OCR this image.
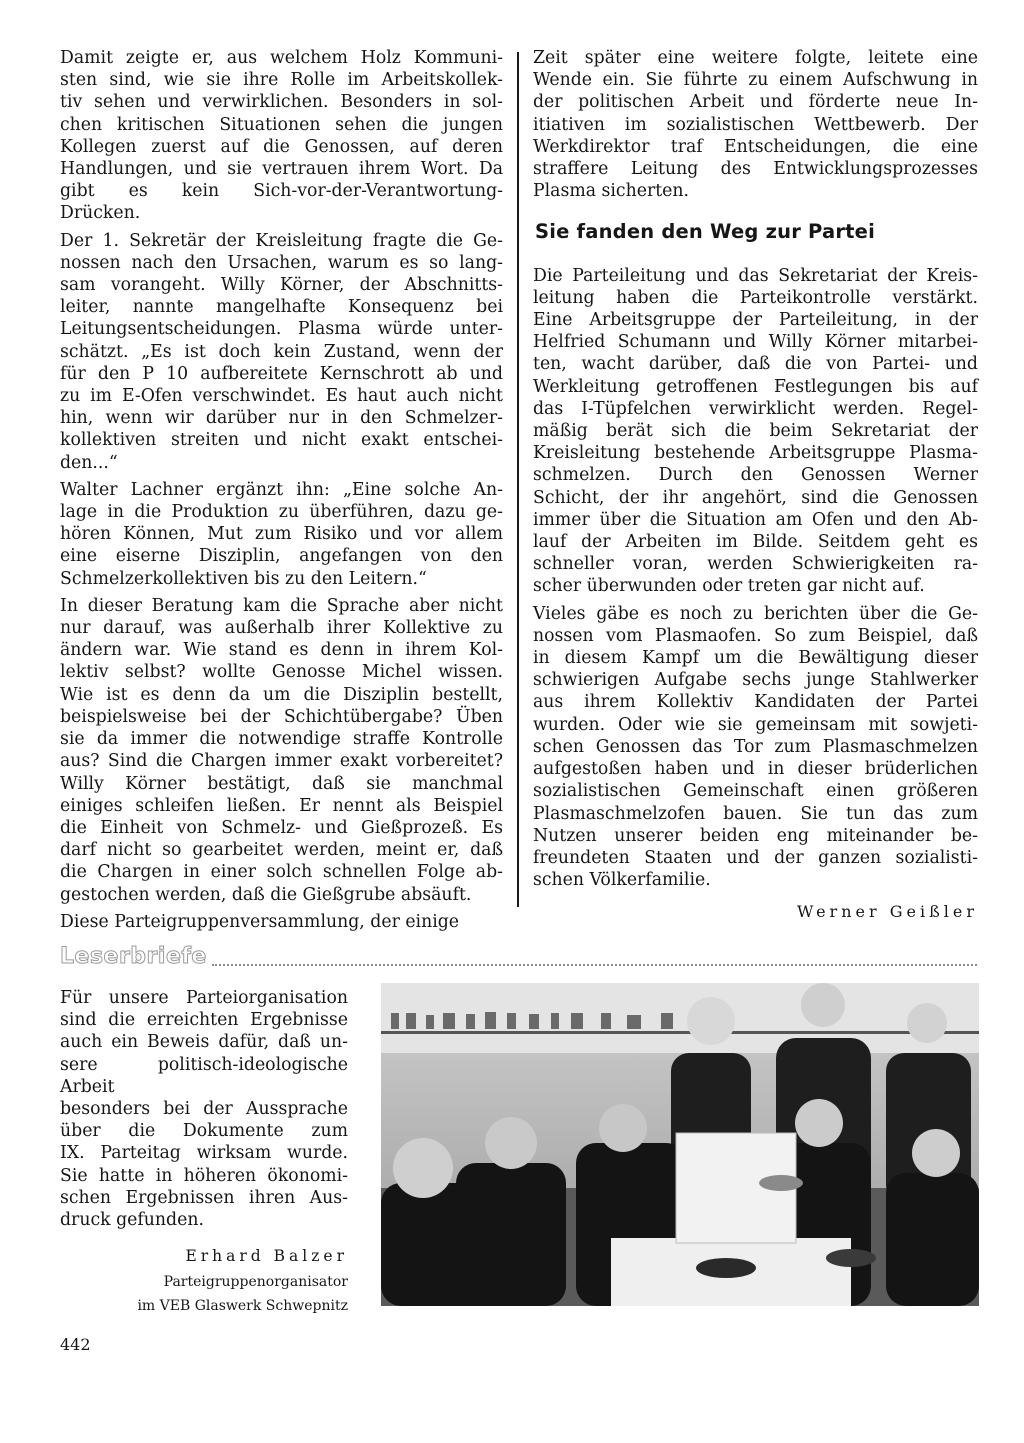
Damit zeigte er, aus welchem Holz Kommuni-
sten sind, wie sie ihre Rolle im Arbeitskollek-
tiv sehen und verwirklichen. Besonders in sol-
chen kritischen Situationen sehen die jungen
Kollegen zuerst auf die Genossen, auf deren
Handlungen, und sie vertrauen ihrem Wort. Da
gibt es kein Sich-vor-der-Verantwortung-
Drücken.

Der 1. Sekretär der Kreisleitung fragte die Ge-
nossen nach den Ursachen, warum es so lang-
sam vorangeht. Willy Körner, der Abschnitts-
leiter, nannte mangelhafte Konsequenz bei
Leitungsentscheidungen. Plasma würde unter-
schätzt. „Es ist doch kein Zustand, wenn der
für den P 10 aufbereitete Kernschrott ab und
zu im E-Ofen verschwindet. Es haut auch nicht
hin, wenn wir darüber nur in den Schmelzer-
kollektiven streiten und nicht exakt entschei-
den...“

Walter Lachner ergänzt ihn: „Eine solche An-
lage in die Produktion zu überführen, dazu ge-
hören Können, Mut zum Risiko und vor allem
eine eiserne Disziplin, angefangen von den
Schmelzerkollektiven bis zu den Leitern.“

In dieser Beratung kam die Sprache aber nicht
nur darauf, was außerhalb ihrer Kollektive zu
ändern war. Wie stand es denn in ihrem Kol-
lektiv selbst? wollte Genosse Michel wissen.
Wie ist es denn da um die Disziplin bestellt,
beispielsweise bei der Schichtübergabe? Üben
sie da immer die notwendige straffe Kontrolle
aus? Sind die Chargen immer exakt vorbereitet?
Willy Körner bestätigt, daß sie manchmal
einiges schleifen ließen. Er nennt als Beispiel
die Einheit von Schmelz- und Gießprozeß. Es
darf nicht so gearbeitet werden, meint er, daß
die Chargen in einer solch schnellen Folge ab-
gestochen werden, daß die Gießgrube absäuft.

Diese Parteigruppenversammlung, der einige

Zeit später eine weitere folgte, leitete eine
Wende ein. Sie führte zu einem Aufschwung in
der politischen Arbeit und förderte neue In-
itiativen im sozialistischen Wettbewerb. Der
Werkdirektor traf Entscheidungen, die eine
straffere Leitung des Entwicklungsprozesses
Plasma sicherten.

Sie fanden den Weg zur Partei

Die Parteileitung und das Sekretariat der Kreis-
leitung haben die Parteikontrolle verstärkt.
Eine Arbeitsgruppe der Parteileitung, in der
Helfried Schumann und Willy Körner mitarbei-
ten, wacht darüber, daß die von Partei- und
Werkleitung getroffenen Festlegungen bis auf
das I-Tüpfelchen verwirklicht werden. Regel-
mäßig berät sich die beim Sekretariat der
Kreisleitung bestehende Arbeitsgruppe Plasma-
schmelzen. Durch den Genossen Werner
Schicht, der ihr angehört, sind die Genossen
immer über die Situation am Ofen und den Ab-
lauf der Arbeiten im Bilde. Seitdem geht es
schneller voran, werden Schwierigkeiten ra-
scher überwunden oder treten gar nicht auf.

Vieles gäbe es noch zu berichten über die Ge-
nossen vom Plasmaofen. So zum Beispiel, daß
in diesem Kampf um die Bewältigung dieser
schwierigen Aufgabe sechs junge Stahlwerker
aus ihrem Kollektiv Kandidaten der Partei
wurden. Oder wie sie gemeinsam mit sowjeti-
schen Genossen das Tor zum Plasmaschmelzen
aufgestoßen haben und in dieser brüderlichen
sozialistischen Gemeinschaft einen größeren
Plasmaschmelzofen bauen. Sie tun das zum
Nutzen unserer beiden eng miteinander be-
freundeten Staaten und der ganzen sozialisti-
schen Völkerfamilie.

Werner Geißler
Leserbriefe

Für unsere Parteiorganisation
sind die erreichten Ergebnisse
auch ein Beweis dafür, daß un-
sere politisch-ideologische Arbeit
besonders bei der Aussprache
über die Dokumente zum
IX. Parteitag wirksam wurde.
Sie hatte in höheren ökonomi-
schen Ergebnissen ihren Aus-
druck gefunden.

Erhard Balzer
Parteigruppenorganisator
im VEB Glaswerk Schwepnitz
442
